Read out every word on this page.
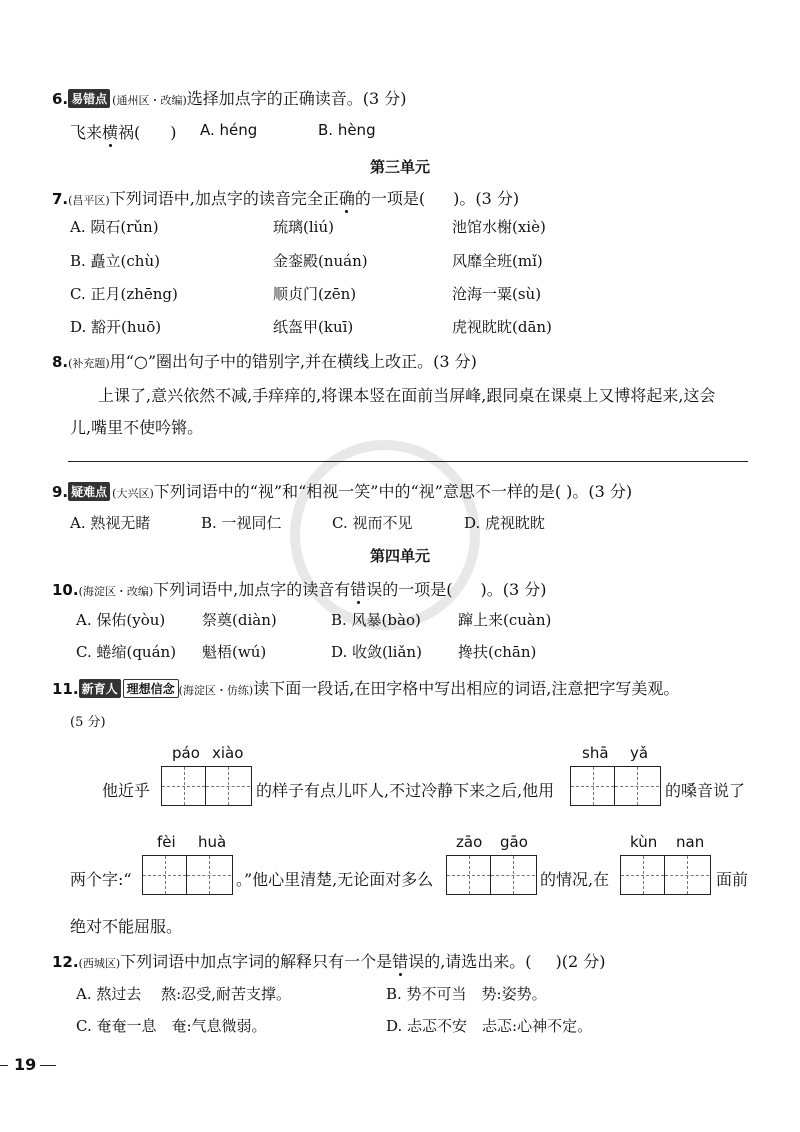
6. 易错点 (通州区・改编)选择加点字的正确读音。(3 分)
飞来横祸( ) A. héng	B. hèng
第三单元
7.(昌平区)下列词语中,加点字的读音完全正确的一项是( )。(3 分)
A. 陨石(rǔn)	琉璃(liú)	池馆水榭(xiè)
B. 矗立(chù)	金銮殿(nuán)	风靡全班(mǐ)
C. 正月(zhēng)	顺贞门(zēn)	沧海一粟(sù)
D. 豁开(huō)	纸盔甲(kuī)	虎视眈眈(dān)
8.(补充题)用“○”圈出句子中的错别字,并在横线上改正。(3 分)
上课了,意兴依然不减,手痒痒的,将课本竖在面前当屏峰,跟同桌在课桌上又博将起来,这会
儿,嘴里不使吟锵。
9. 疑难点 (大兴区)下列词语中的“视”和“相视一笑”中的“视”意思不一样的是( )。(3 分)
A. 熟视无睹	B. 一视同仁	C. 视而不见	D. 虎视眈眈
第四单元
10.(海淀区・改编)下列词语中,加点字的读音有错误的一项是( )。(3 分)
A. 保佑(yòu) 祭奠(diàn)	B. 风暴(bào) 蹿上来(cuàn)
C. 蜷缩(quán) 魁梧(wú)	D. 收敛(liǎn) 搀扶(chān)
11. 新育人 理想信念 (海淀区・仿练)读下面一段话,在田字格中写出相应的词语,注意把字写美观。
(5 分)
páo xiào	shā yǎ
他近乎	的样子有点儿吓人,不过冷静下来之后,他用	的嗓音说了
fèi huà	zāo gāo	kùn nan
两个字:“	。”他心里清楚,无论面对多么	的情况,在	面前
绝对不能屈服。
12.(西城区)下列词语中加点字词的解释只有一个是错误的,请选出来。( )(2 分)
A. 熬过去　 熬:忍受,耐苦支撑。	B. 势不可当　势:姿势。
C. 奄奄一息　奄:气息微弱。	D. 忐忑不安　忐忑:心神不定。
19
